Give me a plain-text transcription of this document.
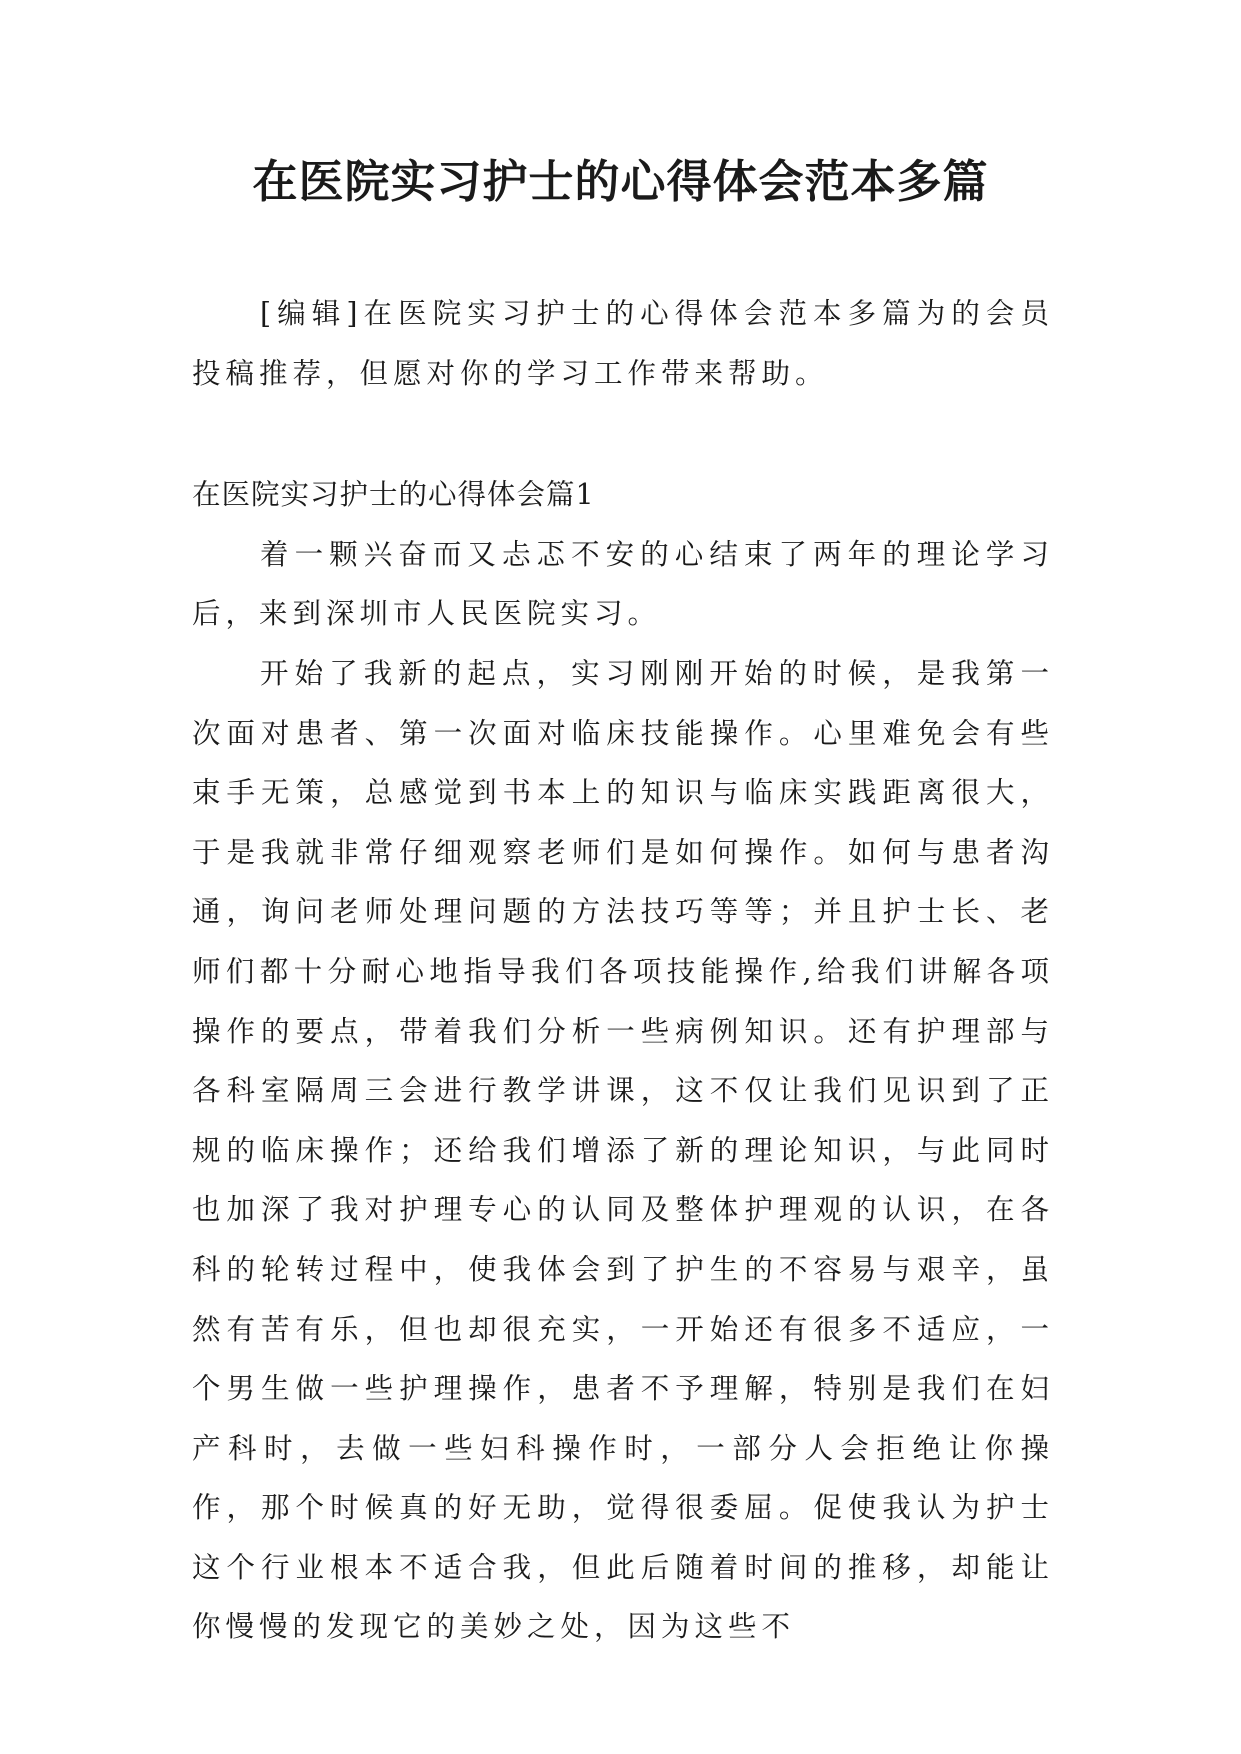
在医院实习护士的心得体会范本多篇

[编辑]在医院实习护士的心得体会范本多篇为的会员投稿推荐，但愿对你的学习工作带来帮助。

在医院实习护士的心得体会篇1

着一颗兴奋而又忐忑不安的心结束了两年的理论学习后，来到深圳市人民医院实习。

开始了我新的起点，实习刚刚开始的时候，是我第一次面对患者、第一次面对临床技能操作。心里难免会有些束手无策，总感觉到书本上的知识与临床实践距离很大，于是我就非常仔细观察老师们是如何操作。如何与患者沟通，询问老师处理问题的方法技巧等等；并且护士长、老师们都十分耐心地指导我们各项技能操作,给我们讲解各项操作的要点，带着我们分析一些病例知识。还有护理部与各科室隔周三会进行教学讲课，这不仅让我们见识到了正规的临床操作；还给我们增添了新的理论知识，与此同时也加深了我对护理专心的认同及整体护理观的认识，在各科的轮转过程中，使我体会到了护生的不容易与艰辛，虽然有苦有乐，但也却很充实，一开始还有很多不适应，一个男生做一些护理操作，患者不予理解，特别是我们在妇产科时，去做一些妇科操作时，一部分人会拒绝让你操作，那个时候真的好无助，觉得很委屈。促使我认为护士这个行业根本不适合我，但此后随着时间的推移，却能让你慢慢的发现它的美妙之处，因为这些不
